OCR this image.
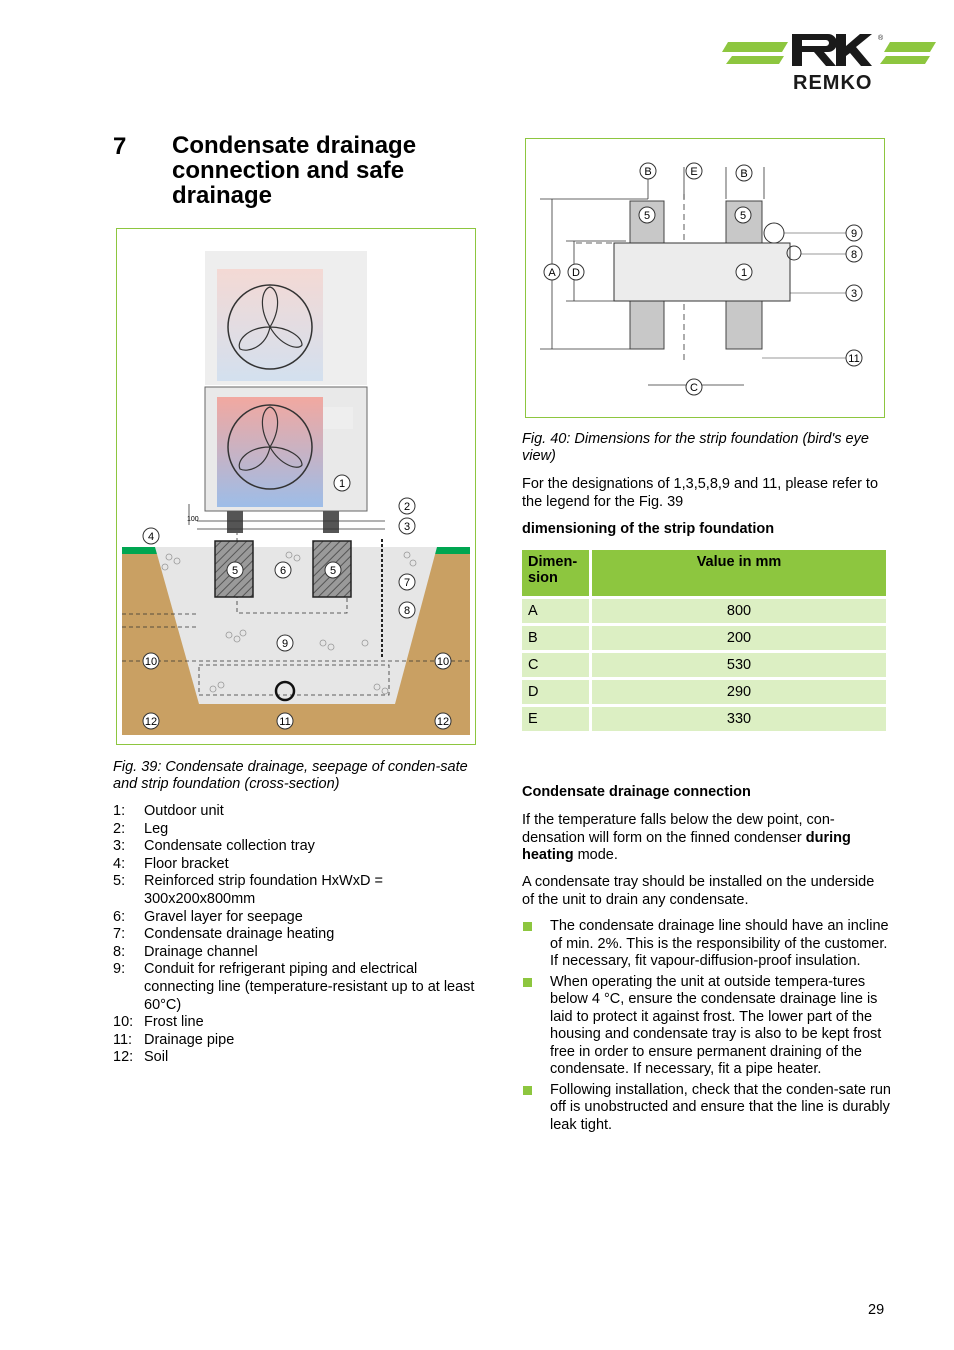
®
REMKO
7 Condensate drainage connection and safe drainage
100
1
2
3
4
5	5
6
7
8
9
10	10
11
12	12
Fig. 39: Condensate drainage, seepage of conden-sate and strip foundation (cross-section)
1:	Outdoor unit
2:	Leg
3:	Condensate collection tray
4:	Floor bracket
5:	Reinforced strip foundation HxWxD = 300x200x800mm
6:	Gravel layer for seepage
7:	Condensate drainage heating
8:	Drainage channel
9:	Conduit for refrigerant piping and electrical connecting line (temperature-resistant up to at least 60°C)
10: Frost line
11: Drainage pipe
12: Soil
B	E	B
5	5
9
8
A D	1
3
11
C
Fig. 40: Dimensions for the strip foundation (bird's eye view)
For the designations of 1,3,5,8,9 and 11, please refer to the legend for the Fig. 39
dimensioning of the strip foundation
Dimen-sion	Value in mm
A	800
B	200
C	530
D	290
E	330
Condensate drainage connection
If the temperature falls below the dew point, con-densation will form on the finned condenser during heating mode.
A condensate tray should be installed on the underside of the unit to drain any condensate.
The condensate drainage line should have an incline of min. 2%. This is the responsibility of the customer. If necessary, fit vapour-diffusion-proof insulation.
When operating the unit at outside tempera-tures below 4 °C, ensure the condensate drainage line is laid to protect it against frost. The lower part of the housing and condensate tray is also to be kept frost free in order to ensure permanent draining of the condensate. If necessary, fit a pipe heater.
Following installation, check that the conden-sate run off is unobstructed and ensure that the line is durably leak tight.
29
